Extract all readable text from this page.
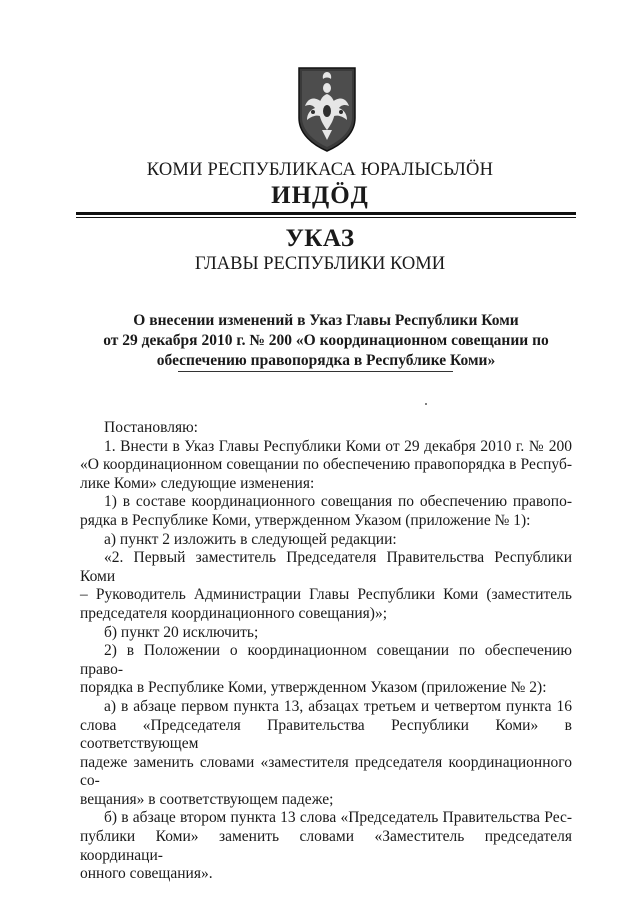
КОМИ РЕСПУБЛИКАСА ЮРАЛЫСЬЛӦН
ИНДӦД
УКАЗ
ГЛАВЫ РЕСПУБЛИКИ КОМИ
О внесении изменений в Указ Главы Республики Коми
от 29 декабря 2010 г. № 200 «О координационном совещании по
обеспечению правопорядка в Республике Коми»

Постановляю:

1. Внести в Указ Главы Республики Коми от 29 декабря 2010 г. № 200

«О координационном совещании по обеспечению правопорядка в Респуб-

лике Коми» следующие изменения:

1) в составе координационного совещания по обеспечению правопо-

рядка в Республике Коми, утвержденном Указом (приложение № 1):

а) пункт 2 изложить в следующей редакции:

«2. Первый заместитель Председателя Правительства Республики Коми

– Руководитель Администрации Главы Республики Коми (заместитель

председателя координационного совещания)»;

б) пункт 20 исключить;

2) в Положении о координационном совещании по обеспечению право-

порядка в Республике Коми, утвержденном Указом (приложение № 2):

а) в абзаце первом пункта 13, абзацах третьем и четвертом пункта 16

слова «Председателя Правительства Республики Коми» в соответствующем

падеже заменить словами «заместителя председателя координационного со-

вещания» в соответствующем падеже;

б) в абзаце втором пункта 13 слова «Председатель Правительства Рес-

публики Коми» заменить словами «Заместитель председателя координаци-

онного совещания».
